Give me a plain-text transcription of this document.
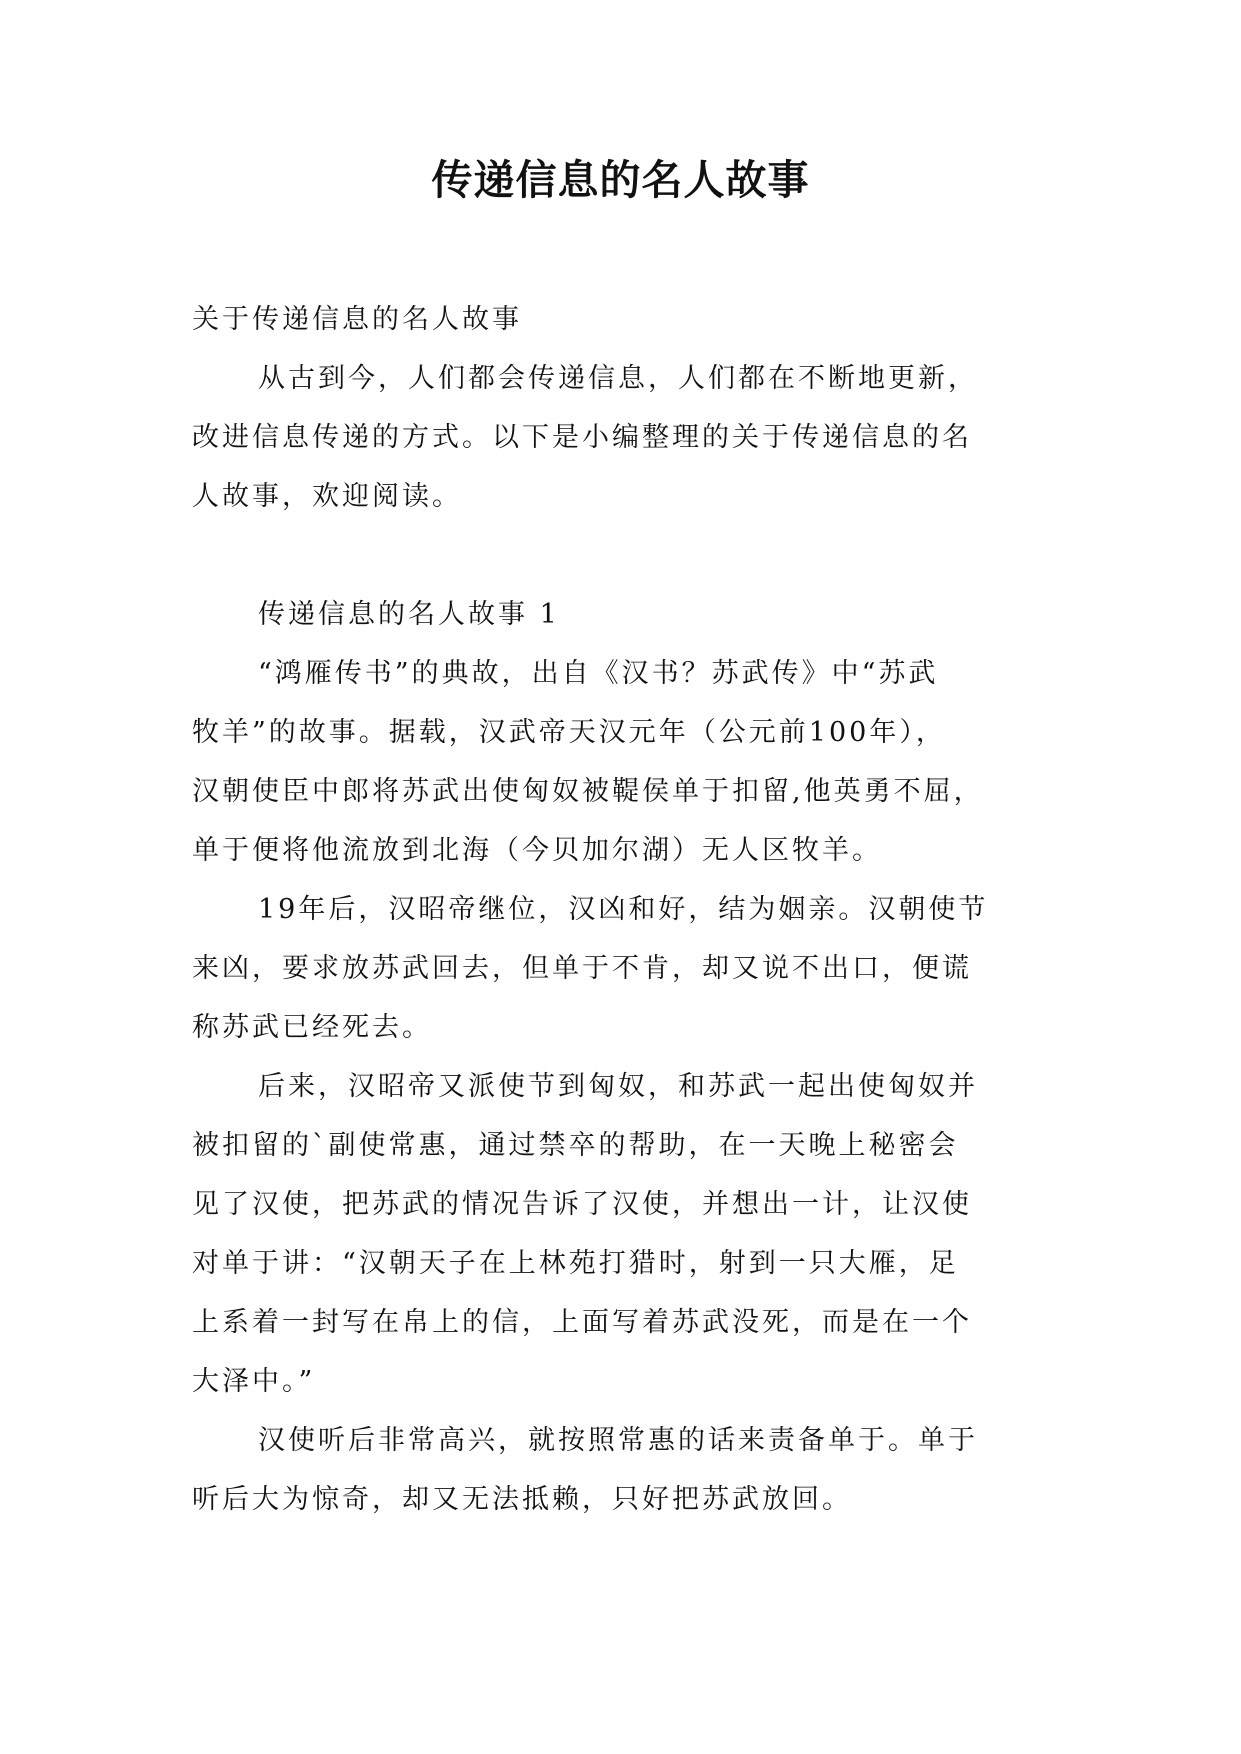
传递信息的名人故事

关于传递信息的名人故事

从古到今，人们都会传递信息，人们都在不断地更新，

改进信息传递的方式。以下是小编整理的关于传递信息的名

人故事，欢迎阅读。

传递信息的名人故事 1

“鸿雁传书”的典故，出自《汉书？苏武传》中“苏武

牧羊”的故事。据载，汉武帝天汉元年（公元前100年），

汉朝使臣中郎将苏武出使匈奴被鞮侯单于扣留,他英勇不屈，

单于便将他流放到北海（今贝加尔湖）无人区牧羊。

19年后，汉昭帝继位，汉凶和好，结为姻亲。汉朝使节

来凶，要求放苏武回去，但单于不肯，却又说不出口，便谎

称苏武已经死去。

后来，汉昭帝又派使节到匈奴，和苏武一起出使匈奴并

被扣留的`副使常惠，通过禁卒的帮助，在一天晚上秘密会

见了汉使，把苏武的情况告诉了汉使，并想出一计，让汉使

对单于讲：“汉朝天子在上林苑打猎时，射到一只大雁，足

上系着一封写在帛上的信，上面写着苏武没死，而是在一个

大泽中。”

汉使听后非常高兴，就按照常惠的话来责备单于。单于

听后大为惊奇，却又无法抵赖，只好把苏武放回。
